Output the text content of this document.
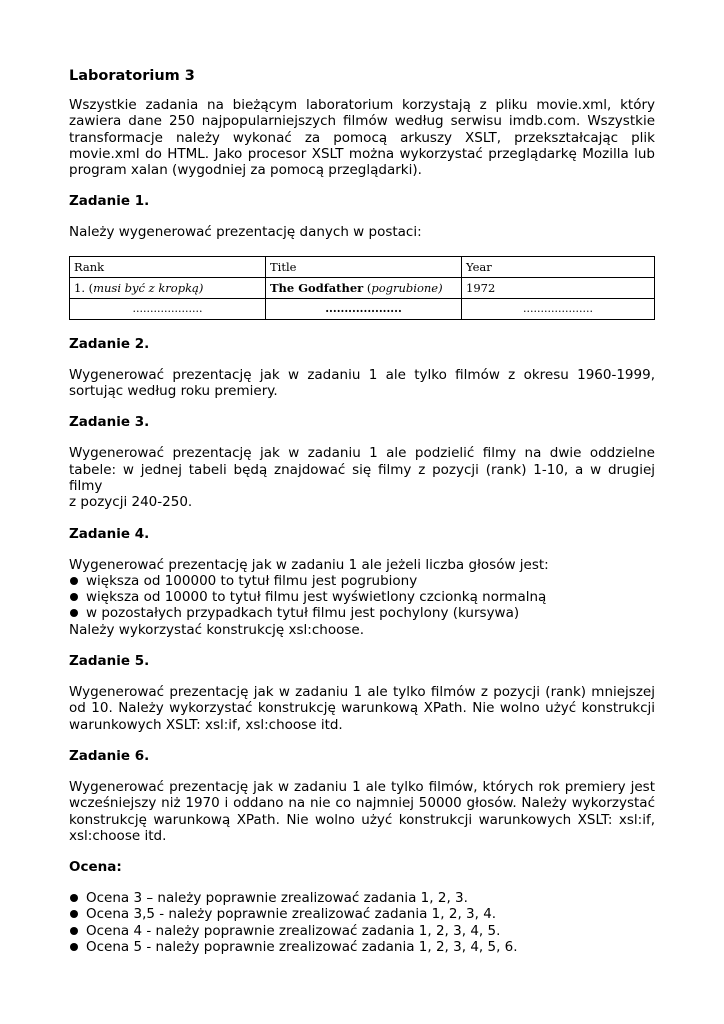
Laboratorium 3

Wszystkie zadania na bieżącym laboratorium korzystają z pliku movie.xml, który
zawiera dane 250 najpopularniejszych filmów według serwisu imdb.com. Wszystkie
transformacje należy wykonać za pomocą arkuszy XSLT, przekształcając plik
movie.xml do HTML. Jako procesor XSLT można wykorzystać przeglądarkę Mozilla lub
program xalan (wygodniej za pomocą przeglądarki).

Zadanie 1.

Należy wygenerować prezentację danych w postaci:

Rank	Title	Year
1. (musi być z kropką)	The Godfather (pogrubione)	1972
....................	....................	....................
Zadanie 2.

Wygenerować prezentację jak w zadaniu 1 ale tylko filmów z okresu 1960-1999,
sortując według roku premiery.

Zadanie 3.

Wygenerować prezentację jak w zadaniu 1 ale podzielić filmy na dwie oddzielne
tabele: w jednej tabeli będą znajdować się filmy z pozycji (rank) 1-10, a w drugiej filmy
z pozycji 240-250.

Zadanie 4.
Wygenerować prezentację jak w zadaniu 1 ale jeżeli liczba głosów jest:
większa od 100000 to tytuł filmu jest pogrubiony
większa od 10000 to tytuł filmu jest wyświetlony czcionką normalną
w pozostałych przypadkach tytuł filmu jest pochylony (kursywa)
Należy wykorzystać konstrukcję xsl:choose.
Zadanie 5.

Wygenerować prezentację jak w zadaniu 1 ale tylko filmów z pozycji (rank) mniejszej
od 10. Należy wykorzystać konstrukcję warunkową XPath. Nie wolno użyć konstrukcji
warunkowych XSLT: xsl:if, xsl:choose itd.

Zadanie 6.

Wygenerować prezentację jak w zadaniu 1 ale tylko filmów, których rok premiery jest
wcześniejszy niż 1970 i oddano na nie co najmniej 50000 głosów. Należy wykorzystać
konstrukcję warunkową XPath. Nie wolno użyć konstrukcji warunkowych XSLT: xsl:if,
xsl:choose itd.

Ocena:
Ocena 3 – należy poprawnie zrealizować zadania 1, 2, 3.
Ocena 3,5 - należy poprawnie zrealizować zadania 1, 2, 3, 4.
Ocena 4 - należy poprawnie zrealizować zadania 1, 2, 3, 4, 5.
Ocena 5 - należy poprawnie zrealizować zadania 1, 2, 3, 4, 5, 6.
